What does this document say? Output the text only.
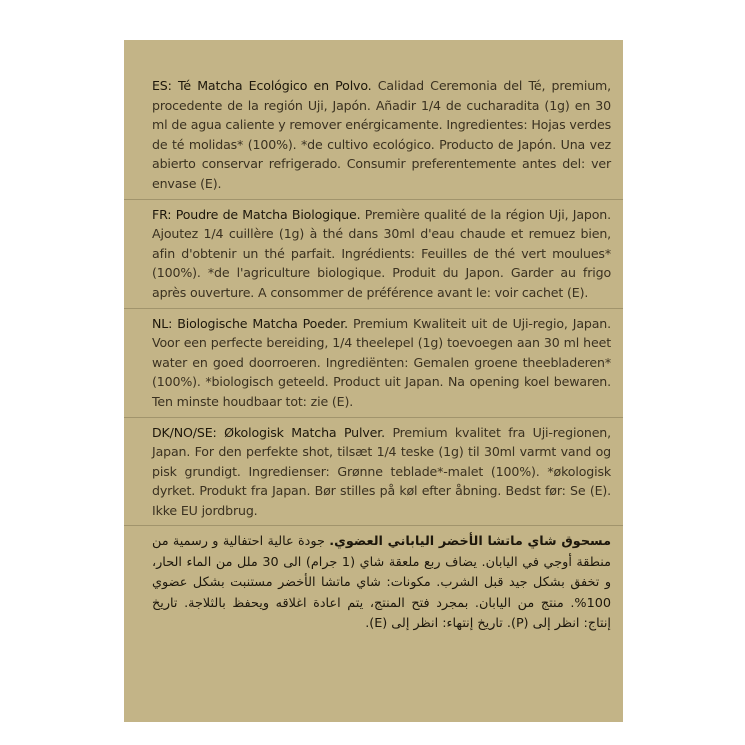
ES: Té Matcha Ecológico en Polvo. Calidad Ceremonia del Té, premium, procedente de la región Uji, Japón. Añadir 1/4 de cucharadita (1g) en 30 ml de agua caliente y remover enérgicamente. Ingredientes: Hojas verdes de té molidas* (100%). *de cultivo ecológico. Producto de Japón. Una vez abierto conservar refrigerado. Consumir preferentemente antes del: ver envase (E).

FR: Poudre de Matcha Biologique. Première qualité de la région Uji, Japon. Ajoutez 1/4 cuillère (1g) à thé dans 30ml d'eau chaude et remuez bien, afin d'obtenir un thé parfait. Ingrédients: Feuilles de thé vert moulues* (100%). *de l'agriculture biologique. Produit du Japon. Garder au frigo après ouverture. A consommer de préférence avant le: voir cachet (E).

NL: Biologische Matcha Poeder. Premium Kwaliteit uit de Uji-regio, Japan. Voor een perfecte bereiding, 1/4 theelepel (1g) toevoegen aan 30 ml heet water en goed doorroeren. Ingrediënten: Gemalen groene theebladeren* (100%). *biologisch geteeld. Product uit Japan. Na opening koel bewaren. Ten minste houdbaar tot: zie (E).

DK/NO/SE: Økologisk Matcha Pulver. Premium kvalitet fra Uji-regionen, Japan. For den perfekte shot, tilsæt 1/4 teske (1g) til 30ml varmt vand og pisk grundigt. Ingredienser: Grønne teblade*-malet (100%). *økologisk dyrket. Produkt fra Japan. Bør stilles på køl efter åbning. Bedst før: Se (E). Ikke EU jordbrug.

مسحوق شاي ماتشا الأخضر الياباني العضوي. جودة عالية احتفالية و رسمية من منطقة أوجي في اليابان. يضاف ربع ملعقة شاي (1 جرام) الى 30 ملل من الماء الحار، و تخفق بشكل جيد قبل الشرب. مكونات: شاي ماتشا الأخضر مستنبت بشكل عضوي 100%. منتج من اليابان. بمجرد فتح المنتج، يتم اعادة اغلاقه ويحفظ بالثلاجة. تاريخ إنتاج: انظر إلى (P). تاريخ إنتهاء: انظر إلى (E).
